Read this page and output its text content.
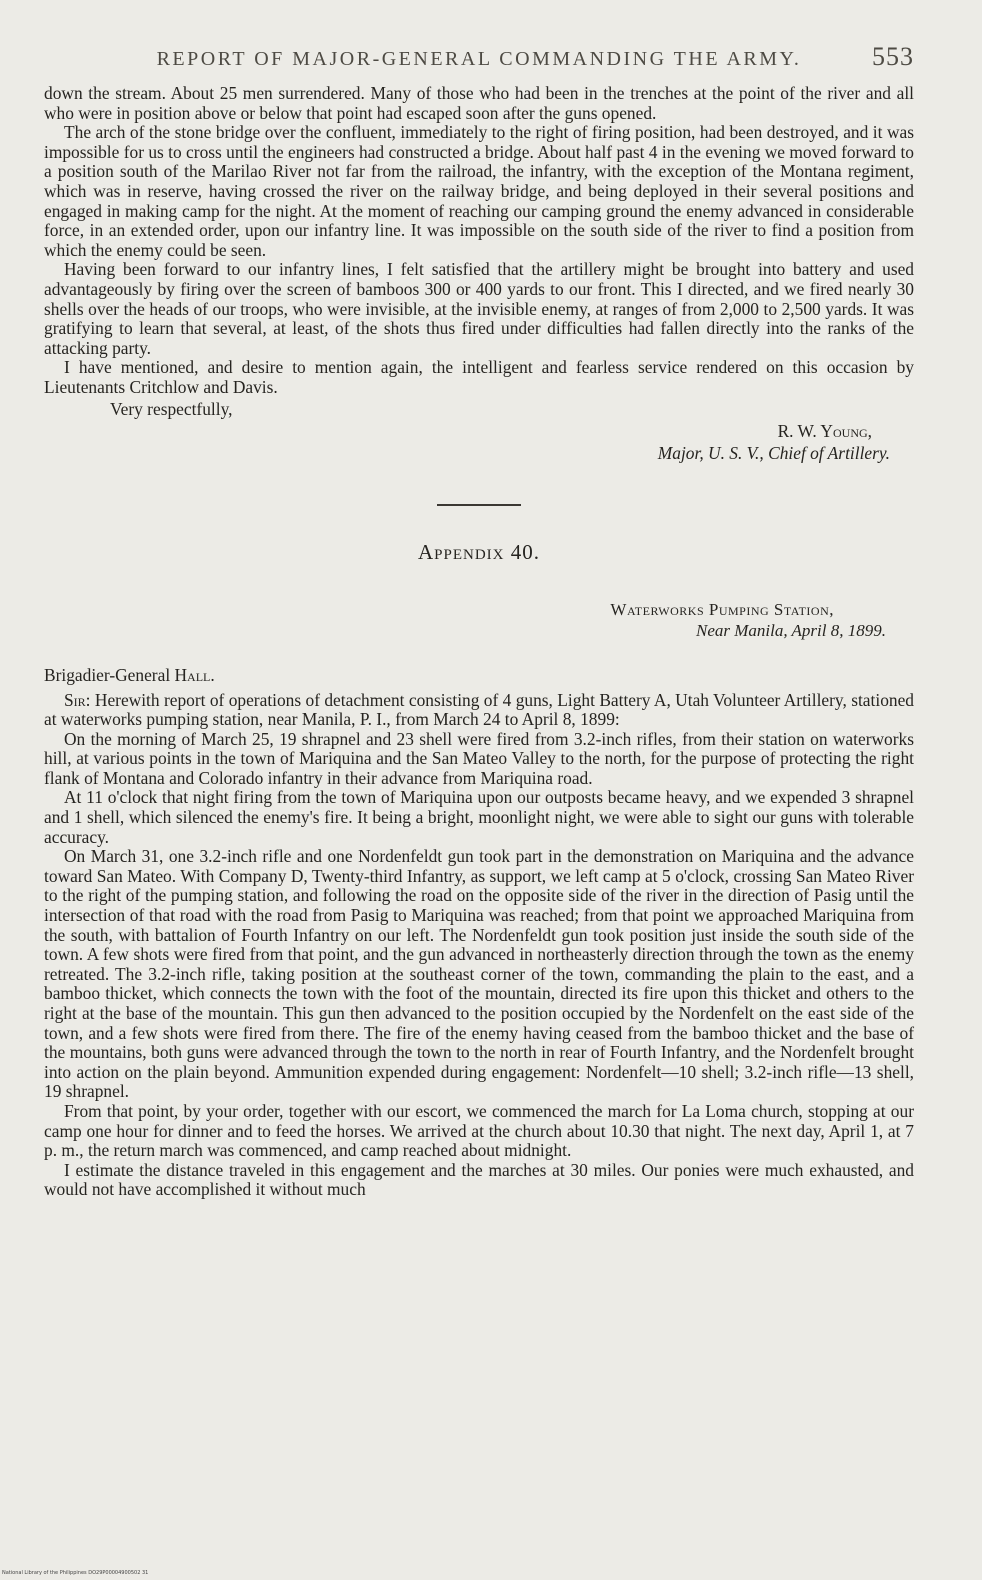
REPORT OF MAJOR-GENERAL COMMANDING THE ARMY.	553

down the stream. About 25 men surrendered. Many of those who had been in the trenches at the point of the river and all who were in position above or below that point had escaped soon after the guns opened.

The arch of the stone bridge over the confluent, immediately to the right of firing position, had been destroyed, and it was impossible for us to cross until the engineers had constructed a bridge. About half past 4 in the evening we moved forward to a position south of the Marilao River not far from the railroad, the infantry, with the exception of the Montana regiment, which was in reserve, having crossed the river on the railway bridge, and being deployed in their several positions and engaged in making camp for the night. At the moment of reaching our camping ground the enemy advanced in considerable force, in an extended order, upon our infantry line. It was impossible on the south side of the river to find a position from which the enemy could be seen.

Having been forward to our infantry lines, I felt satisfied that the artillery might be brought into battery and used advantageously by firing over the screen of bamboos 300 or 400 yards to our front. This I directed, and we fired nearly 30 shells over the heads of our troops, who were invisible, at the invisible enemy, at ranges of from 2,000 to 2,500 yards. It was gratifying to learn that several, at least, of the shots thus fired under difficulties had fallen directly into the ranks of the attacking party.

I have mentioned, and desire to mention again, the intelligent and fearless service rendered on this occasion by Lieutenants Critchlow and Davis.

Very respectfully,

R. W. Young,
Major, U. S. V., Chief of Artillery.
Appendix 40.
Waterworks Pumping Station,
Near Manila, April 8, 1899.
Brigadier-General Hall.

Sir: Herewith report of operations of detachment consisting of 4 guns, Light Battery A, Utah Volunteer Artillery, stationed at waterworks pumping station, near Manila, P. I., from March 24 to April 8, 1899:

On the morning of March 25, 19 shrapnel and 23 shell were fired from 3.2-inch rifles, from their station on waterworks hill, at various points in the town of Mariquina and the San Mateo Valley to the north, for the purpose of protecting the right flank of Montana and Colorado infantry in their advance from Mariquina road.

At 11 o'clock that night firing from the town of Mariquina upon our outposts became heavy, and we expended 3 shrapnel and 1 shell, which silenced the enemy's fire. It being a bright, moonlight night, we were able to sight our guns with tolerable accuracy.

On March 31, one 3.2-inch rifle and one Nordenfeldt gun took part in the demonstration on Mariquina and the advance toward San Mateo. With Company D, Twenty-third Infantry, as support, we left camp at 5 o'clock, crossing San Mateo River to the right of the pumping station, and following the road on the opposite side of the river in the direction of Pasig until the intersection of that road with the road from Pasig to Mariquina was reached; from that point we approached Mariquina from the south, with battalion of Fourth Infantry on our left. The Nordenfeldt gun took position just inside the south side of the town. A few shots were fired from that point, and the gun advanced in northeasterly direction through the town as the enemy retreated. The 3.2-inch rifle, taking position at the southeast corner of the town, commanding the plain to the east, and a bamboo thicket, which connects the town with the foot of the mountain, directed its fire upon this thicket and others to the right at the base of the mountain. This gun then advanced to the position occupied by the Nordenfelt on the east side of the town, and a few shots were fired from there. The fire of the enemy having ceased from the bamboo thicket and the base of the mountains, both guns were advanced through the town to the north in rear of Fourth Infantry, and the Nordenfelt brought into action on the plain beyond. Ammunition expended during engagement: Nordenfelt—10 shell; 3.2-inch rifle—13 shell, 19 shrapnel.

From that point, by your order, together with our escort, we commenced the march for La Loma church, stopping at our camp one hour for dinner and to feed the horses. We arrived at the church about 10.30 that night. The next day, April 1, at 7 p. m., the return march was commenced, and camp reached about midnight.

I estimate the distance traveled in this engagement and the marches at 30 miles. Our ponies were much exhausted, and would not have accomplished it without much

National Library of the Philippines DO29P00004900502 31
